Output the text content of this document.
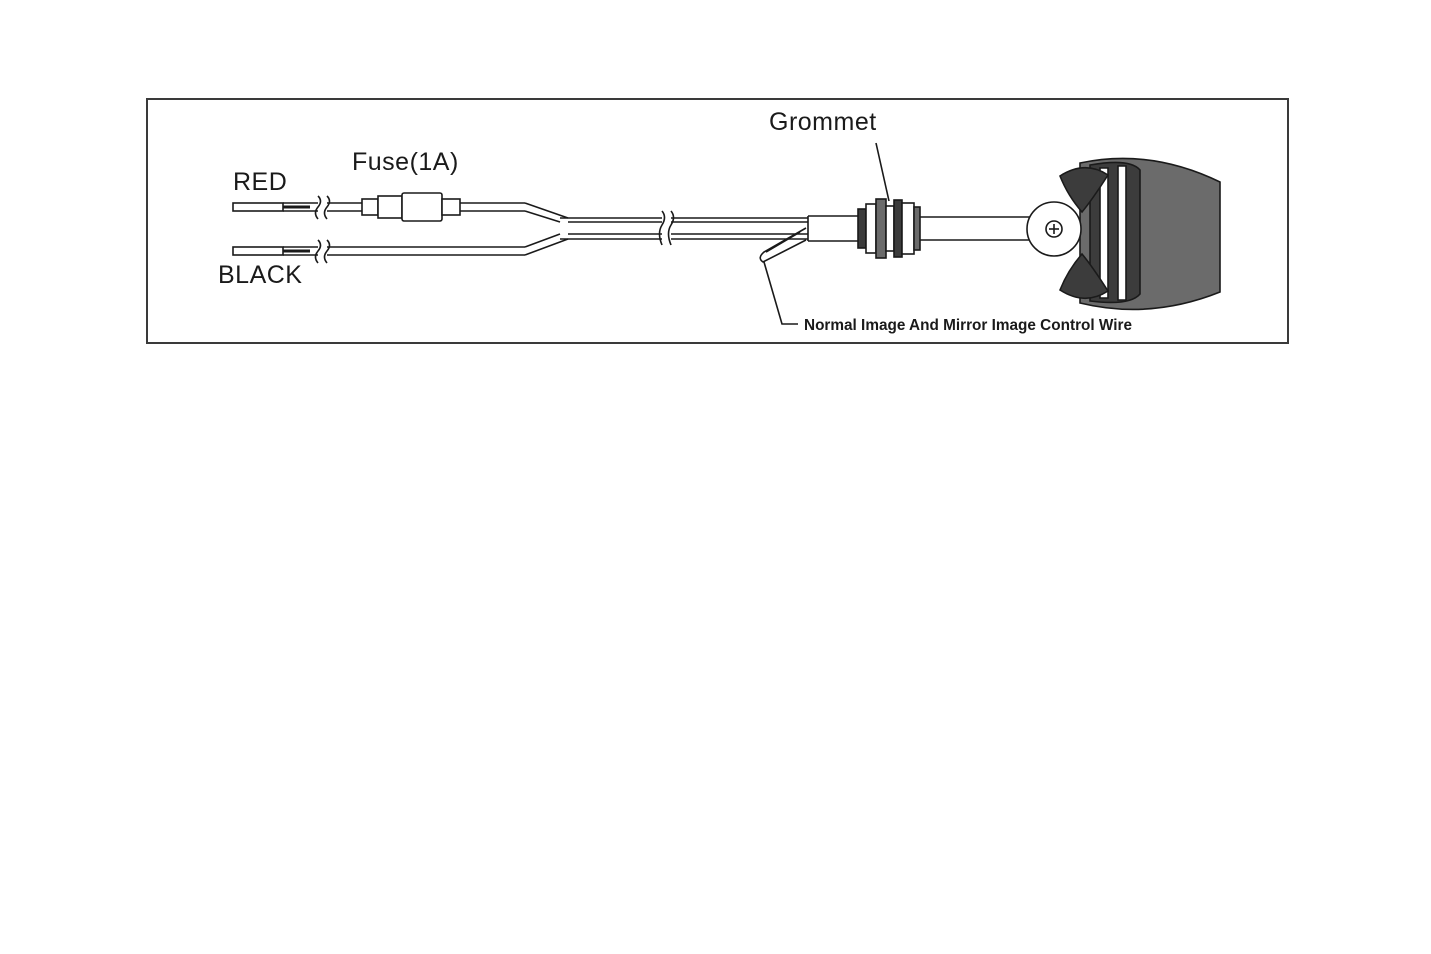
RED
BLACK
Fuse(1A)
Grommet
Normal Image And Mirror Image Control Wire
